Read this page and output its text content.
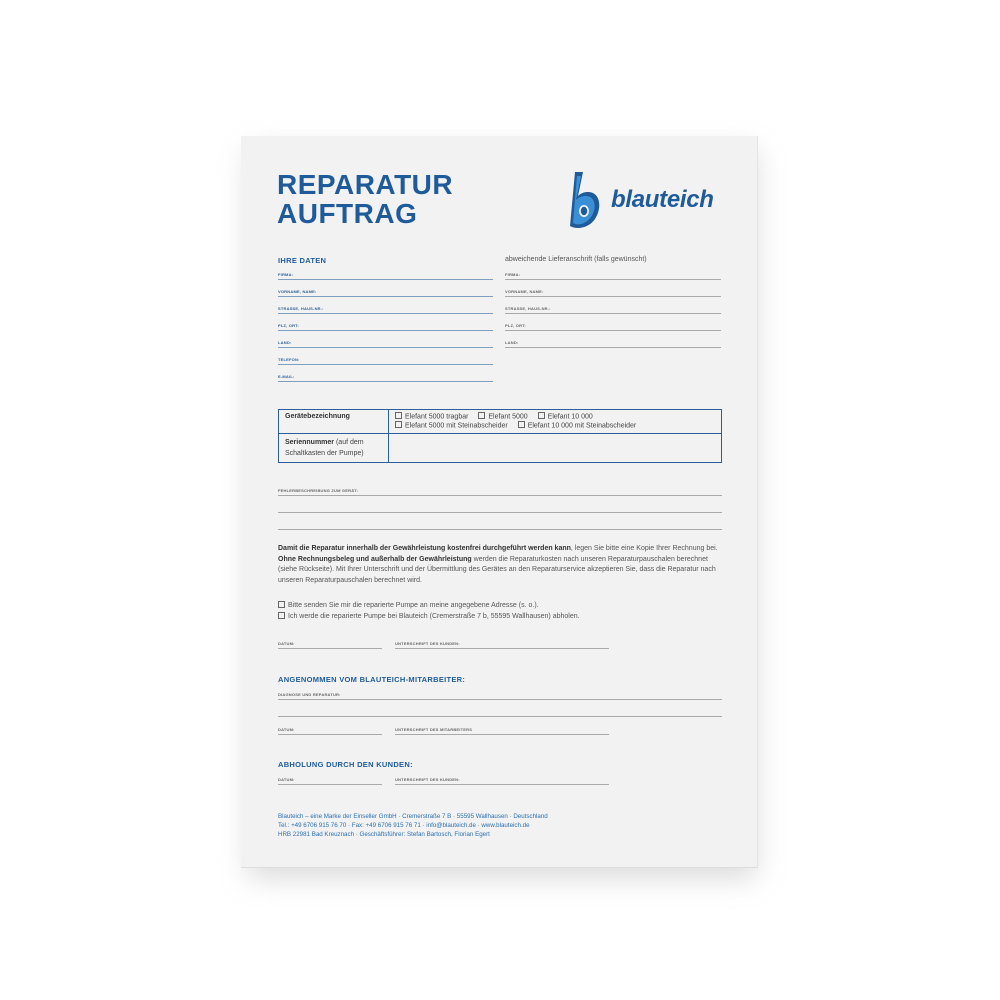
REPARATUR
AUFTRAG	blauteich
IHRE DATEN
FIRMA:
VORNAME, NAME:
STRASSE, HAUS-NR.:
PLZ, ORT:
LAND:
TELEFON:
E-MAIL:
abweichende Lieferanschrift (falls gewünscht)
FIRMA:
VORNAME, NAME:
STRASSE, HAUS-NR.:
PLZ, ORT:
LAND:
Gerätebezeichnung	Elefant 5000 tragbar Elefant 5000 Elefant 10 000
Elefant 5000 mit Steinabscheider Elefant 10 000 mit Steinabscheider

Seriennummer (auf dem Schaltkasten der Pumpe)	
FEHLERBESCHREIBUNG ZUM GERÄT:
Damit die Reparatur innerhalb der Gewährleistung kostenfrei durchgeführt werden kann, legen Sie bitte eine Kopie Ihrer Rechnung bei. Ohne Rechnungsbeleg und außerhalb der Gewährleistung werden die Reparaturkosten nach unseren Reparaturpauschalen berechnet (siehe Rückseite). Mit Ihrer Unterschrift und der Übermittlung des Gerätes an den Reparaturservice akzeptieren Sie, dass die Reparatur nach unseren Reparaturpauschalen berechnet wird.
Bitte senden Sie mir die reparierte Pumpe an meine angegebene Adresse (s. o.).
Ich werde die reparierte Pumpe bei Blauteich (Cremerstraße 7 b, 55595 Wallhausen) abholen.
DATUM:	UNTERSCHRIFT DES KUNDEN:
ANGENOMMEN VOM BLAUTEICH-MITARBEITER:
DIAGNOSE UND REPARATUR:
DATUM:	UNTERSCHRIFT DES MITARBEITERS
ABHOLUNG DURCH DEN KUNDEN:
DATUM:	UNTERSCHRIFT DES KUNDEN:
Blauteich – eine Marke der Einseller GmbH · Cremerstraße 7 B · 55595 Wallhausen · Deutschland
Tel.: +49 6706 915 76 70 · Fax: +49 6706 915 76 71 · info@blauteich.de · www.blauteich.de
HRB 22981 Bad Kreuznach · Geschäftsführer: Stefan Bartosch, Florian Egert
